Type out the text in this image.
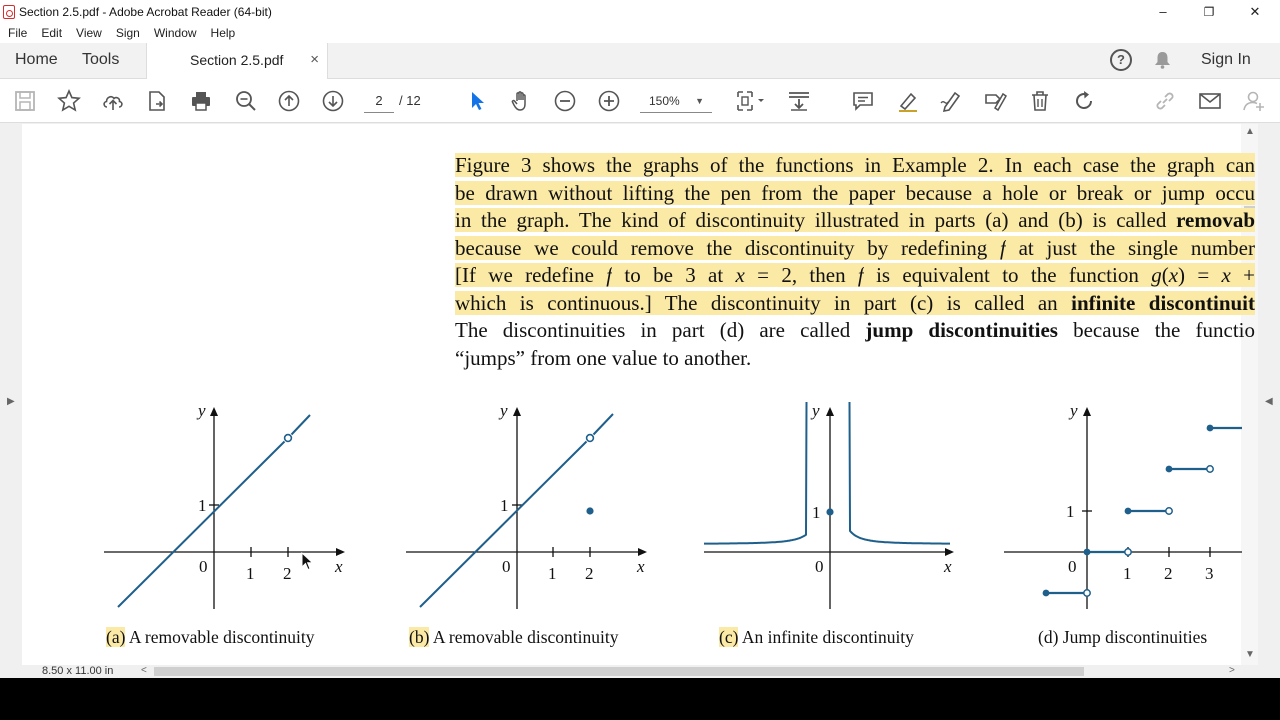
Section 2.5.pdf - Adobe Acrobat Reader (64-bit)	–	❐	✕
File Edit View Sign Window Help
Home Tools	Section 2.5.pdf ×	?	Sign In
2	/ 12	150% ▼
▶	◀
▲
▼
Figure 3 shows the graphs of the functions in Example 2. In each case the graph can
be drawn without lifting the pen from the paper because a hole or break or jump occu
in the graph. The kind of discontinuity illustrated in parts (a) and (b) is called removab
because we could remove the discontinuity by redefining f at just the single number
[If we redefine f to be 3 at x = 2, then f is equivalent to the function g(x) = x +
which is continuous.] The discontinuity in part (c) is called an infinite discontinuit
The discontinuities in part (d) are called jump discontinuities because the functio
“jumps” from one value to another.
y
x
0 1 2
1
y
x
0 1 2
1
y
x
0
1
y
0	1 2 3
1
(a) A removable discontinuity	(b) A removable discontinuity	(c) An infinite discontinuity	(d) Jump discontinuities
8.50 x 11.00 in	<	>
